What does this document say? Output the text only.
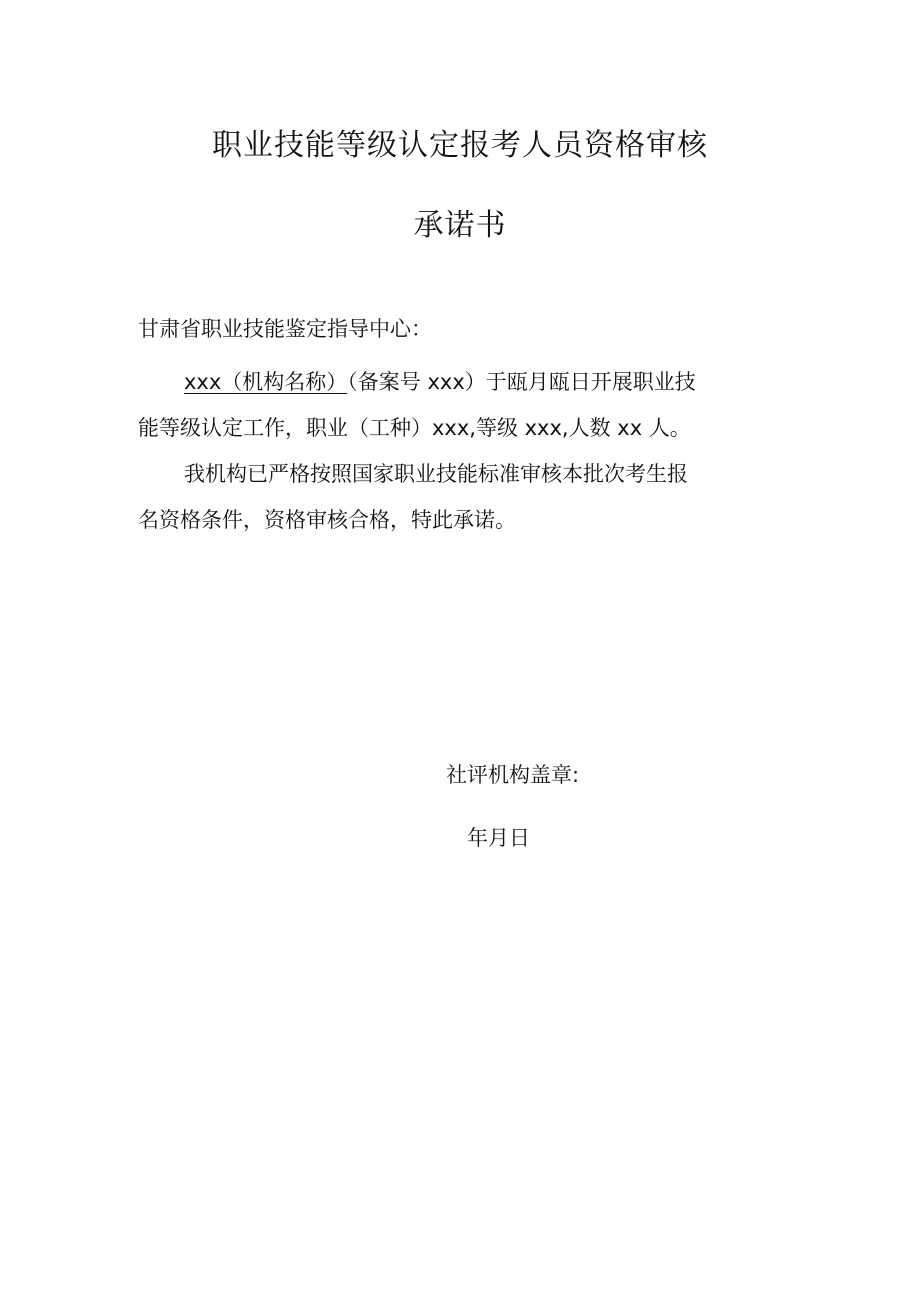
职业技能等级认定报考人员资格审核
承诺书
甘肃省职业技能鉴定指导中心：
xxx（机构名称）（备案号 xxx）于瓯月瓯日开展职业技
能等级认定工作，职业（工种）xxx,等级 xxx,人数 xx 人。
我机构已严格按照国家职业技能标准审核本批次考生报
名资格条件，资格审核合格，特此承诺。
社评机构盖章:
年月日
